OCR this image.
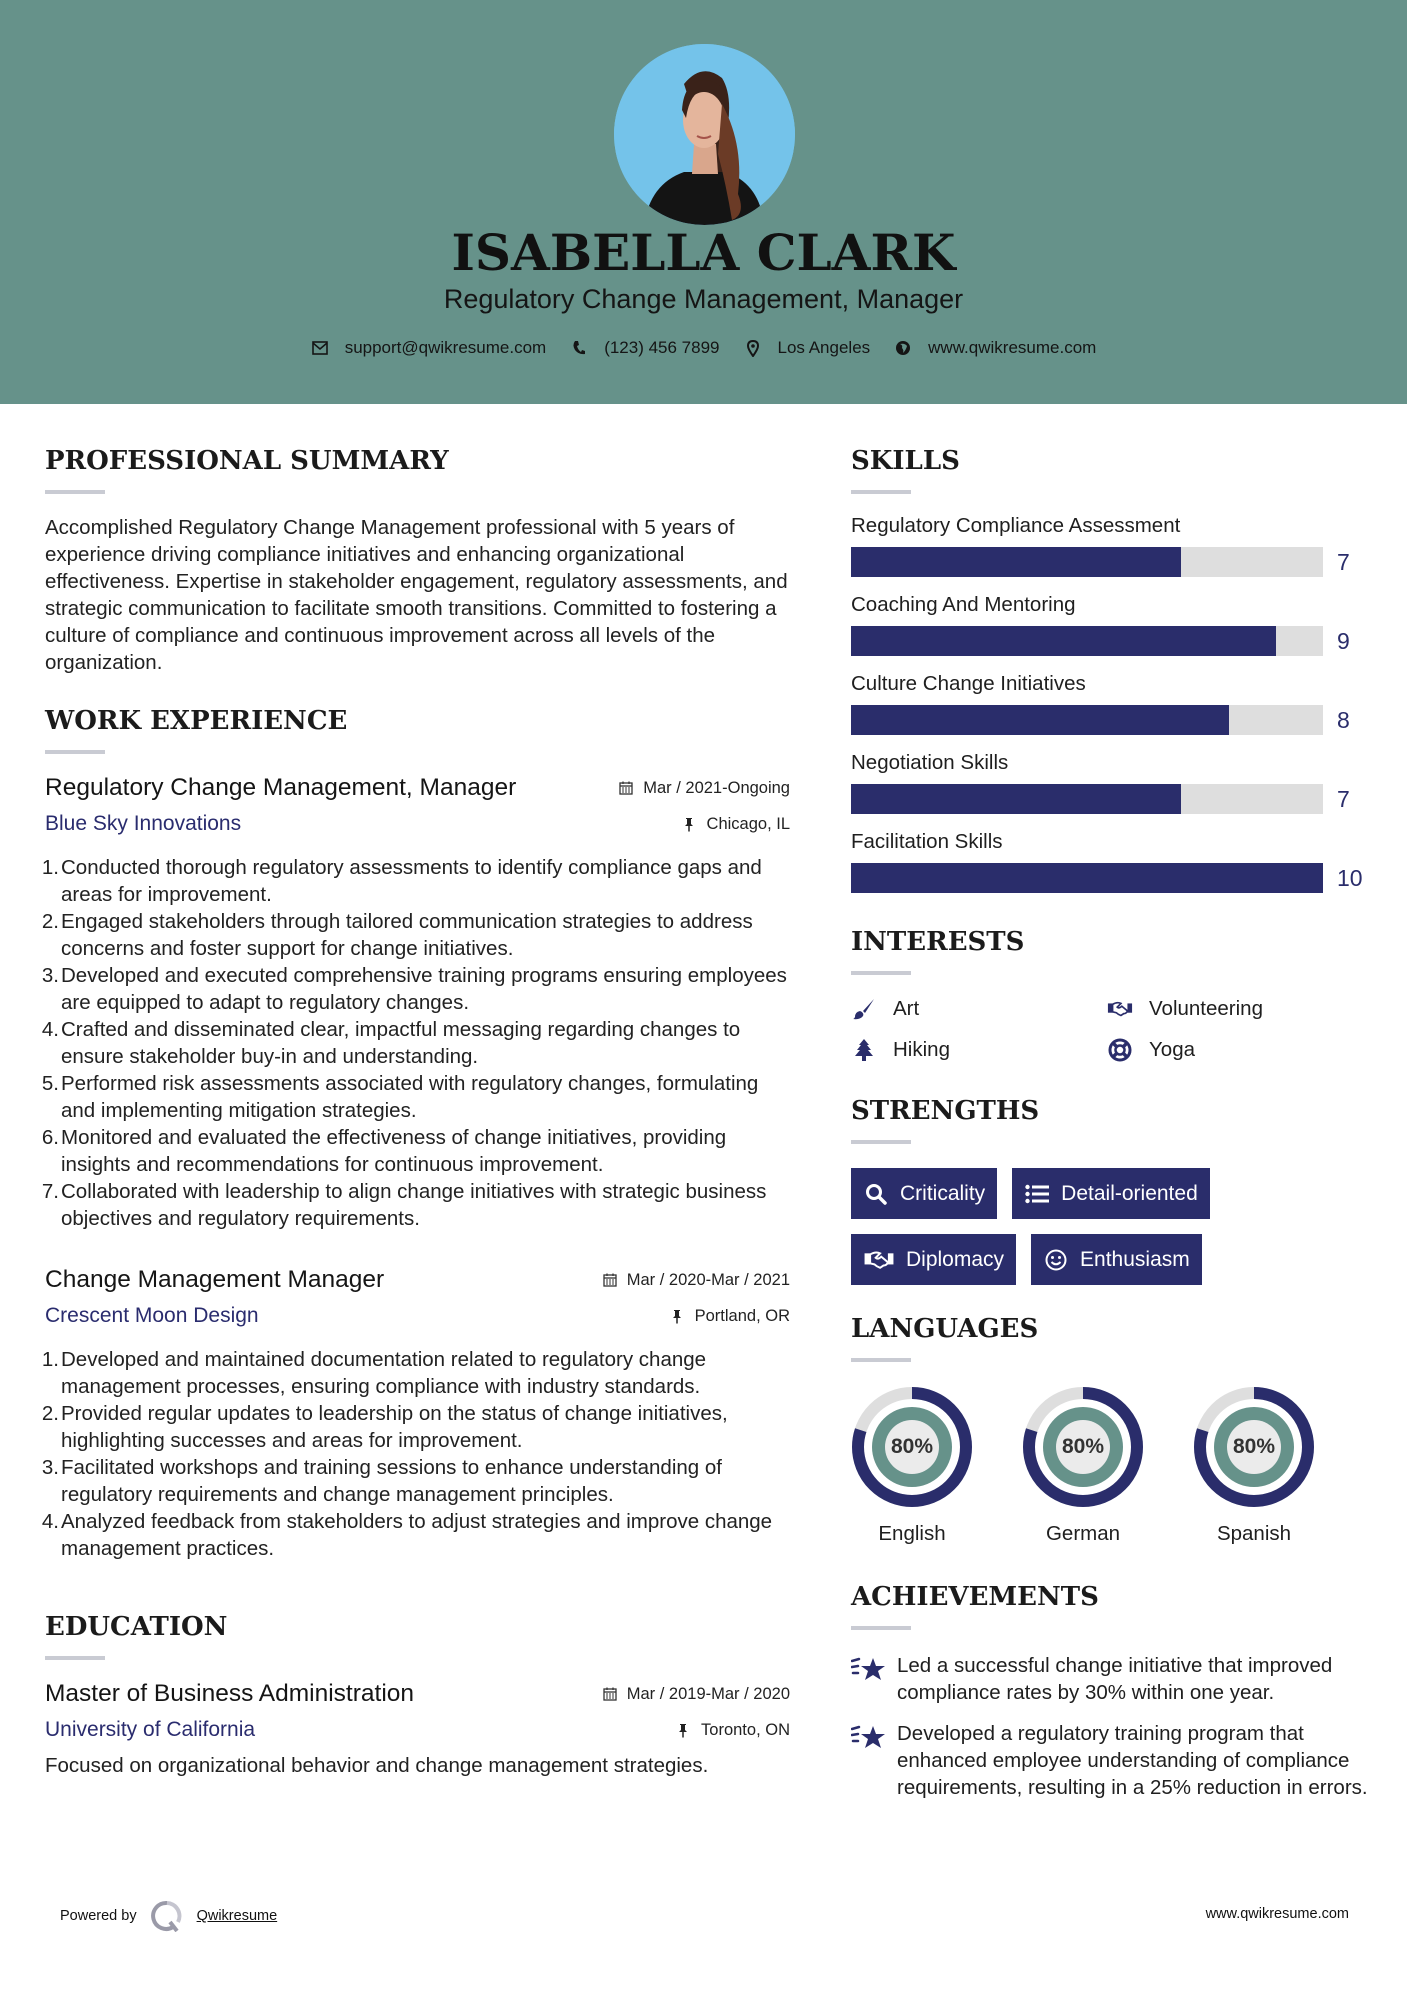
ISABELLA CLARK
Regulatory Change Management, Manager
support@qwikresume.com	(123) 456 7899	Los Angeles	www.qwikresume.com
PROFESSIONAL SUMMARY
Accomplished Regulatory Change Management professional with 5 years of experience driving compliance initiatives and enhancing organizational effectiveness. Expertise in stakeholder engagement, regulatory assessments, and strategic communication to facilitate smooth transitions. Committed to fostering a culture of compliance and continuous improvement across all levels of the organization.
WORK EXPERIENCE
Regulatory Change Management, Manager	Mar / 2021-Ongoing
Blue Sky Innovations	Chicago, IL
1. Conducted thorough regulatory assessments to identify compliance gaps and areas for improvement.
2. Engaged stakeholders through tailored communication strategies to address concerns and foster support for change initiatives.
3. Developed and executed comprehensive training programs ensuring employees are equipped to adapt to regulatory changes.
4. Crafted and disseminated clear, impactful messaging regarding changes to ensure stakeholder buy-in and understanding.
5. Performed risk assessments associated with regulatory changes, formulating and implementing mitigation strategies.
6. Monitored and evaluated the effectiveness of change initiatives, providing insights and recommendations for continuous improvement.
7. Collaborated with leadership to align change initiatives with strategic business objectives and regulatory requirements.
Change Management Manager	Mar / 2020-Mar / 2021
Crescent Moon Design	Portland, OR
1. Developed and maintained documentation related to regulatory change management processes, ensuring compliance with industry standards.
2. Provided regular updates to leadership on the status of change initiatives, highlighting successes and areas for improvement.
3. Facilitated workshops and training sessions to enhance understanding of regulatory requirements and change management principles.
4. Analyzed feedback from stakeholders to adjust strategies and improve change management practices.
EDUCATION
Master of Business Administration	Mar / 2019-Mar / 2020
University of California	Toronto, ON
Focused on organizational behavior and change management strategies.
SKILLS
Regulatory Compliance Assessment
7
Coaching And Mentoring
9
Culture Change Initiatives
8
Negotiation Skills
7
Facilitation Skills
10
INTERESTS
Art	Volunteering
Hiking	Yoga
STRENGTHS
Criticality	Detail-oriented
Diplomacy	Enthusiasm
LANGUAGES
80%
English
80%
German
80%
Spanish
ACHIEVEMENTS
Led a successful change initiative that improved compliance rates by 30% within one year.
Developed a regulatory training program that enhanced employee understanding of compliance requirements, resulting in a 25% reduction in errors.
Powered by	Qwikresume	www.qwikresume.com
